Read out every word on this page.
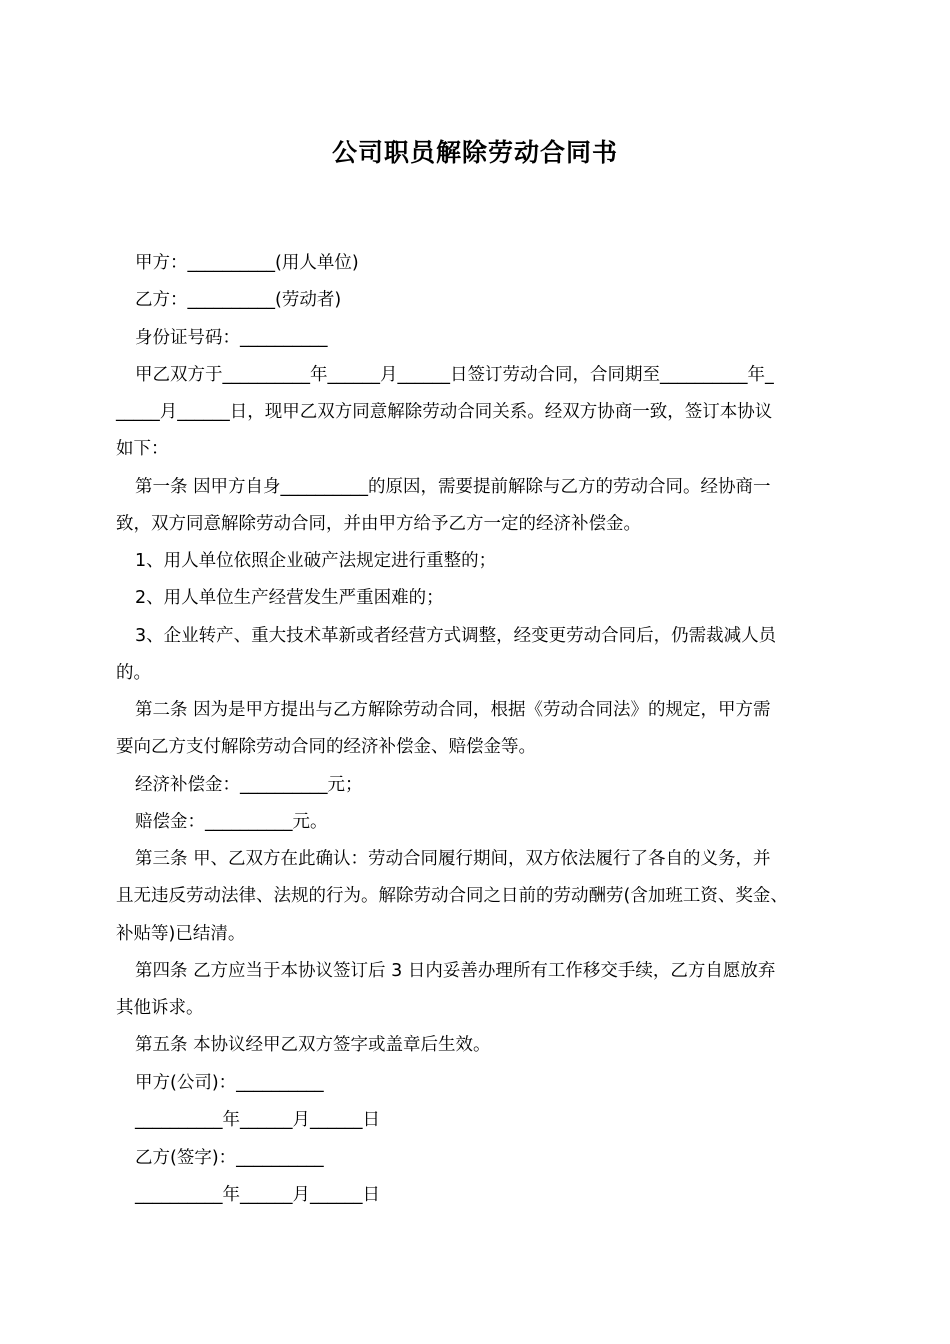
公司职员解除劳动合同书
甲方：__________(用人单位)
乙方：__________(劳动者)
身份证号码：__________
甲乙双方于__________年______月______日签订劳动合同，合同期至__________年_
_____月______日，现甲乙双方同意解除劳动合同关系。经双方协商一致，签订本协议
如下：
第一条 因甲方自身__________的原因，需要提前解除与乙方的劳动合同。经协商一
致，双方同意解除劳动合同，并由甲方给予乙方一定的经济补偿金。
1、用人单位依照企业破产法规定进行重整的；
2、用人单位生产经营发生严重困难的；
3、企业转产、重大技术革新或者经营方式调整，经变更劳动合同后，仍需裁减人员
的。
第二条 因为是甲方提出与乙方解除劳动合同，根据《劳动合同法》的规定，甲方需
要向乙方支付解除劳动合同的经济补偿金、赔偿金等。
经济补偿金：__________元；
赔偿金：__________元。
第三条 甲、乙双方在此确认：劳动合同履行期间，双方依法履行了各自的义务，并
且无违反劳动法律、法规的行为。解除劳动合同之日前的劳动酬劳(含加班工资、奖金、
补贴等)已结清。
第四条 乙方应当于本协议签订后 3 日内妥善办理所有工作移交手续，乙方自愿放弃
其他诉求。
第五条 本协议经甲乙双方签字或盖章后生效。
甲方(公司)：__________
__________年______月______日
乙方(签字)：__________
__________年______月______日
